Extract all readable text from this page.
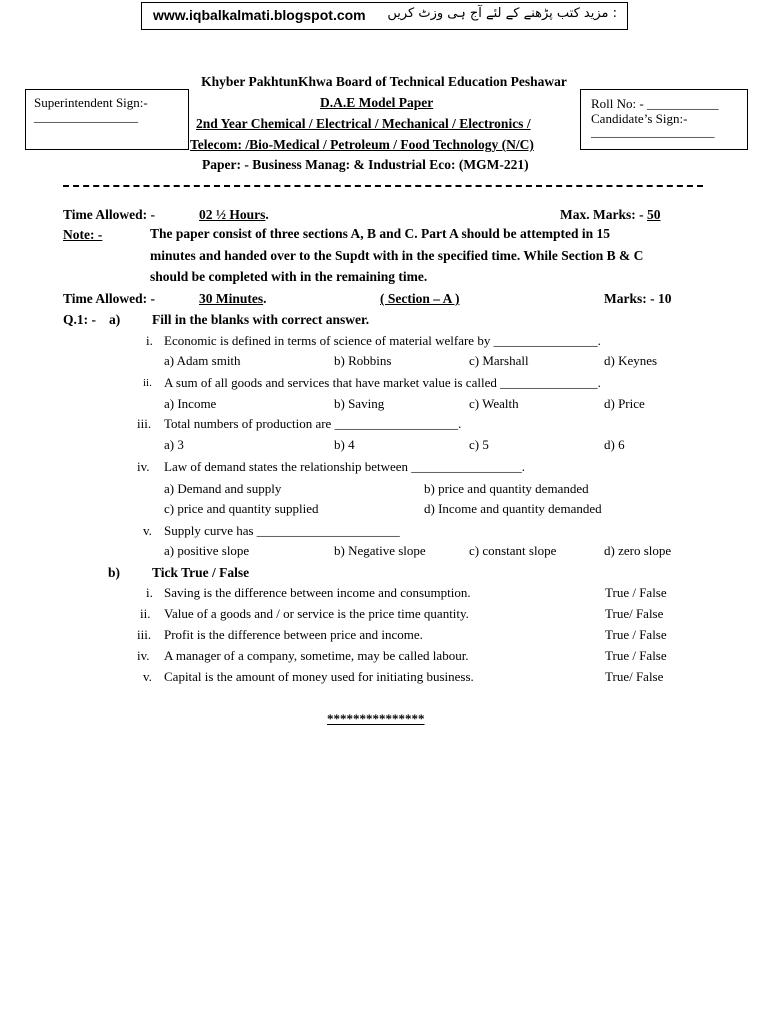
www.iqbalkalmati.blogspot.com : مزید کتب پڑھنے کے لئے آج ہی وزٹ کریں
Khyber PakhtunKhwa Board of Technical Education Peshawar
Superintendent Sign:-
________________
Roll No: - ___________
Candidate’s Sign:-
___________________
D.A.E Model Paper
2nd Year Chemical / Electrical / Mechanical / Electronics /
Telecom: /Bio-Medical / Petroleum / Food Technology (N/C)
Paper: - Business Manag: & Industrial Eco: (MGM-221)
Time Allowed: -	02 ½ Hours.	Max. Marks: - 50
Note: -	The paper consist of three sections A, B and C. Part A should be attempted in 15
minutes and handed over to the Supdt with in the specified time. While Section B & C
should be completed with in the remaining time.
Time Allowed: -	30 Minutes.	( Section – A )	Marks: - 10
Q.1: - a) Fill in the blanks with correct answer.
i. Economic is defined in terms of science of material welfare by ________________.
a) Adam smith	b) Robbins	c) Marshall	d) Keynes
ii. A sum of all goods and services that have market value is called _______________.
a) Income	b) Saving	c) Wealth	d) Price
iii. Total numbers of production are ___________________.
a) 3	b) 4	c) 5	d) 6
iv. Law of demand states the relationship between _________________.
a) Demand and supply	b) price and quantity demanded
c) price and quantity supplied	d) Income and quantity demanded
v. Supply curve has ______________________
a) positive slope	b) Negative slope	c) constant slope	d) zero slope
b) Tick True / False
i. Saving is the difference between income and consumption.	True / False
ii. Value of a goods and / or service is the price time quantity.	True/ False
iii. Profit is the difference between price and income.	True / False
iv. A manager of a company, sometime, may be called labour.	True / False
v. Capital is the amount of money used for initiating business.	True/ False
***************
